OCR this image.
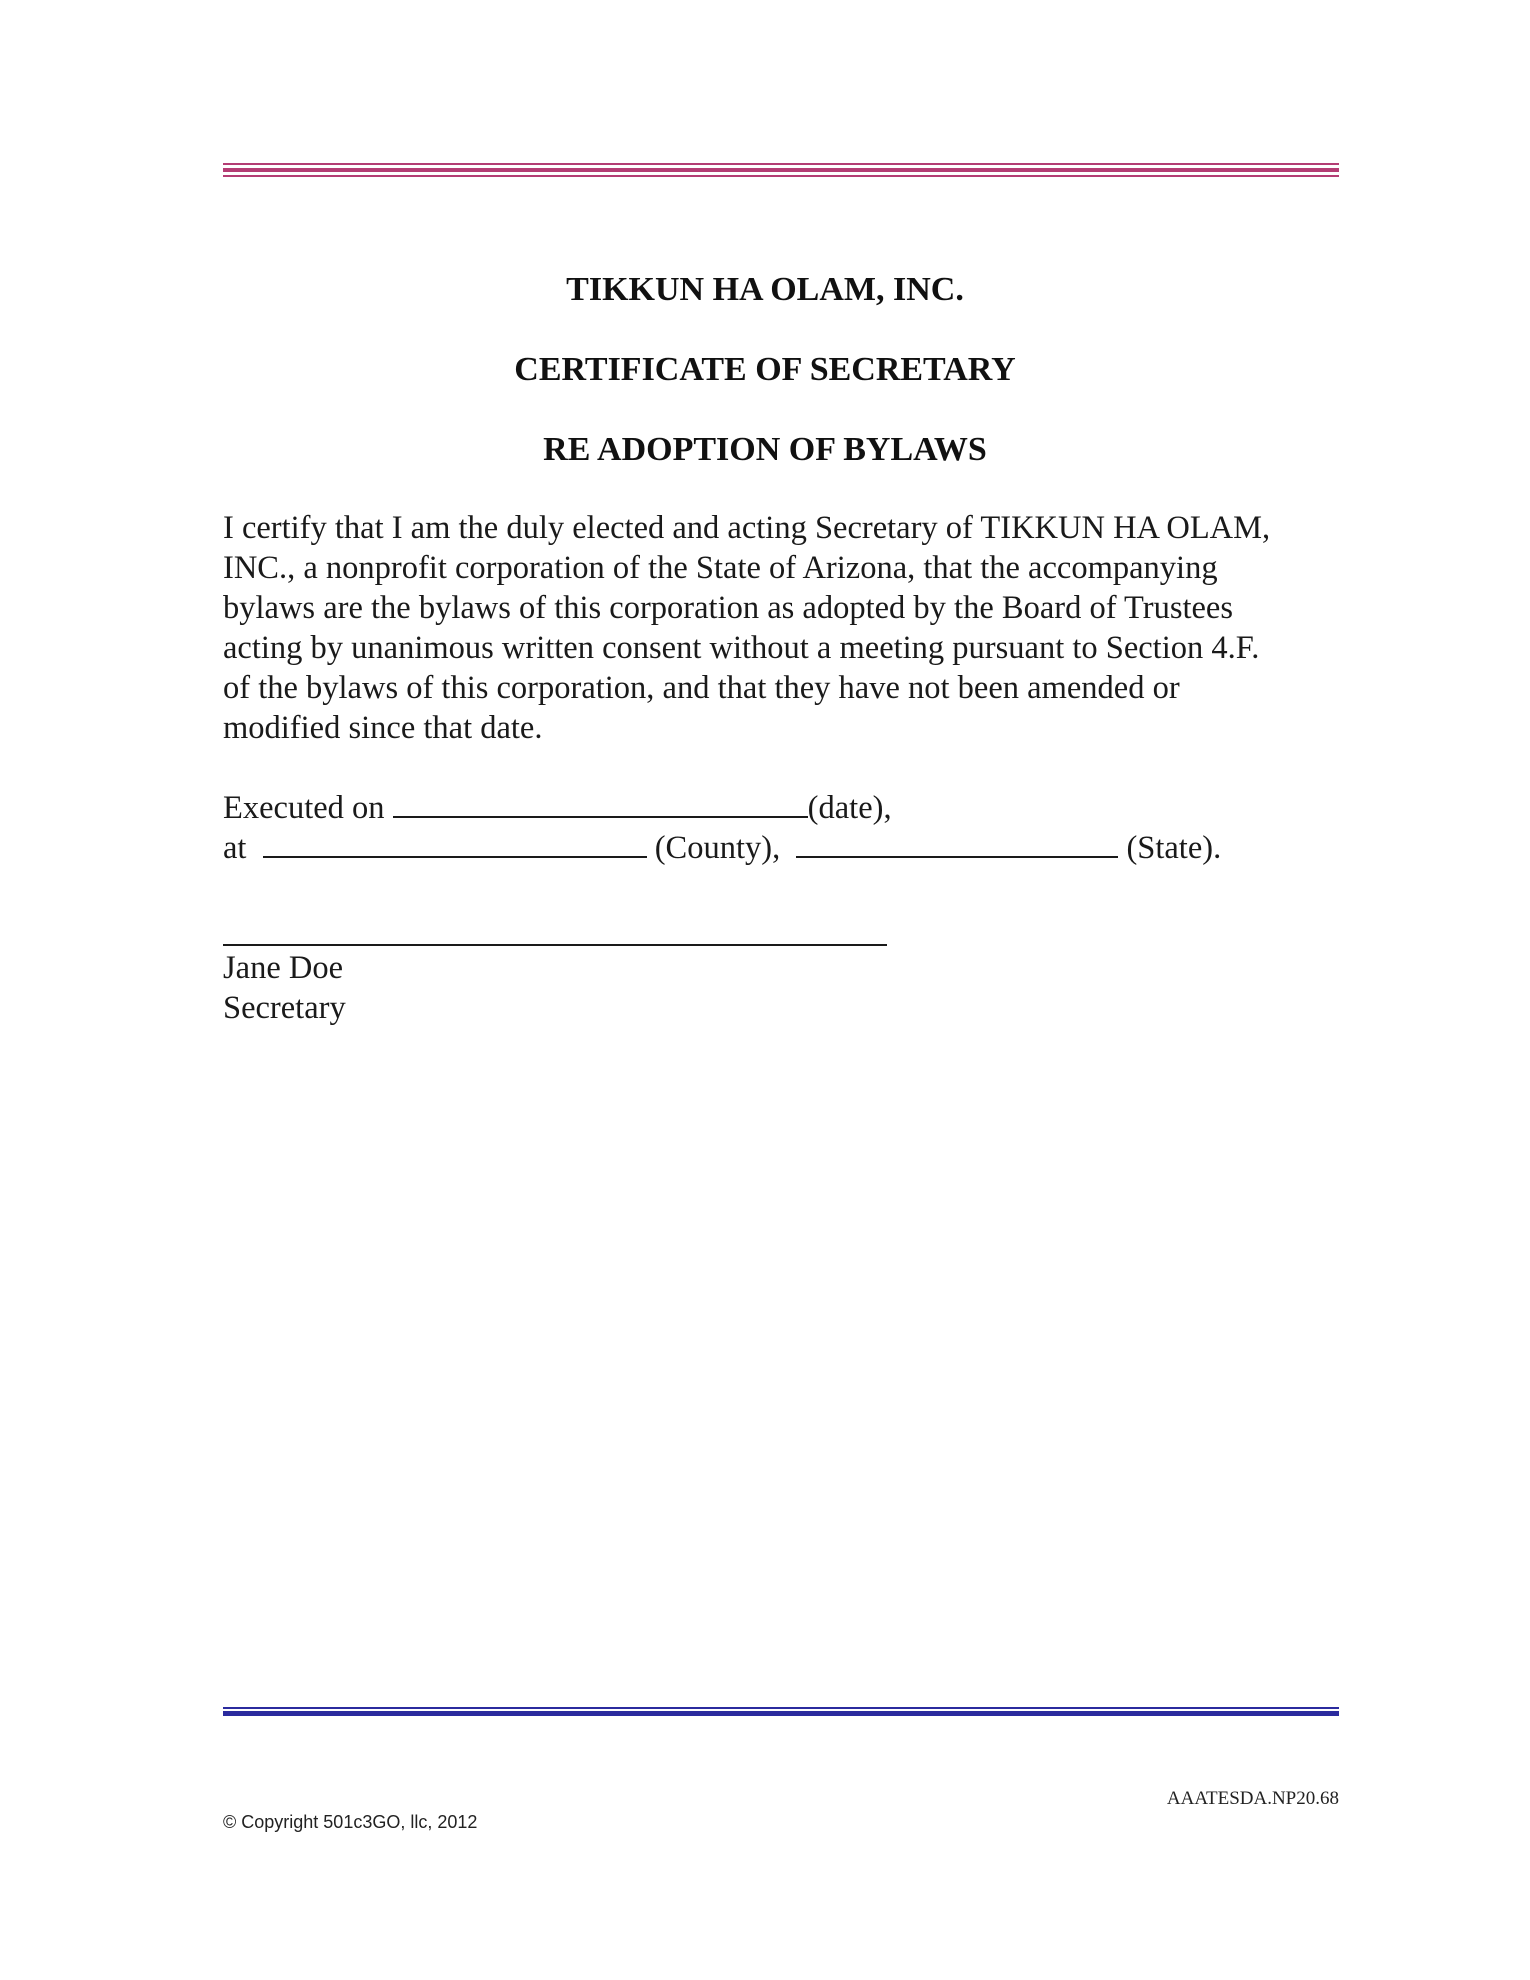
TIKKUN HA OLAM, INC.
CERTIFICATE OF SECRETARY
RE ADOPTION OF BYLAWS
I certify that I am the duly elected and acting Secretary of TIKKUN HA OLAM,
INC., a nonprofit corporation of the State of Arizona, that the accompanying
bylaws are the bylaws of this corporation as adopted by the Board of Trustees
acting by unanimous written consent without a meeting pursuant to Section 4.F.
of the bylaws of this corporation, and that they have not been amended or
modified since that date.
Executed on	(date),
at	(County),	(State).
Jane Doe
Secretary
AAATESDA.NP20.68
© Copyright 501c3GO, llc, 2012
